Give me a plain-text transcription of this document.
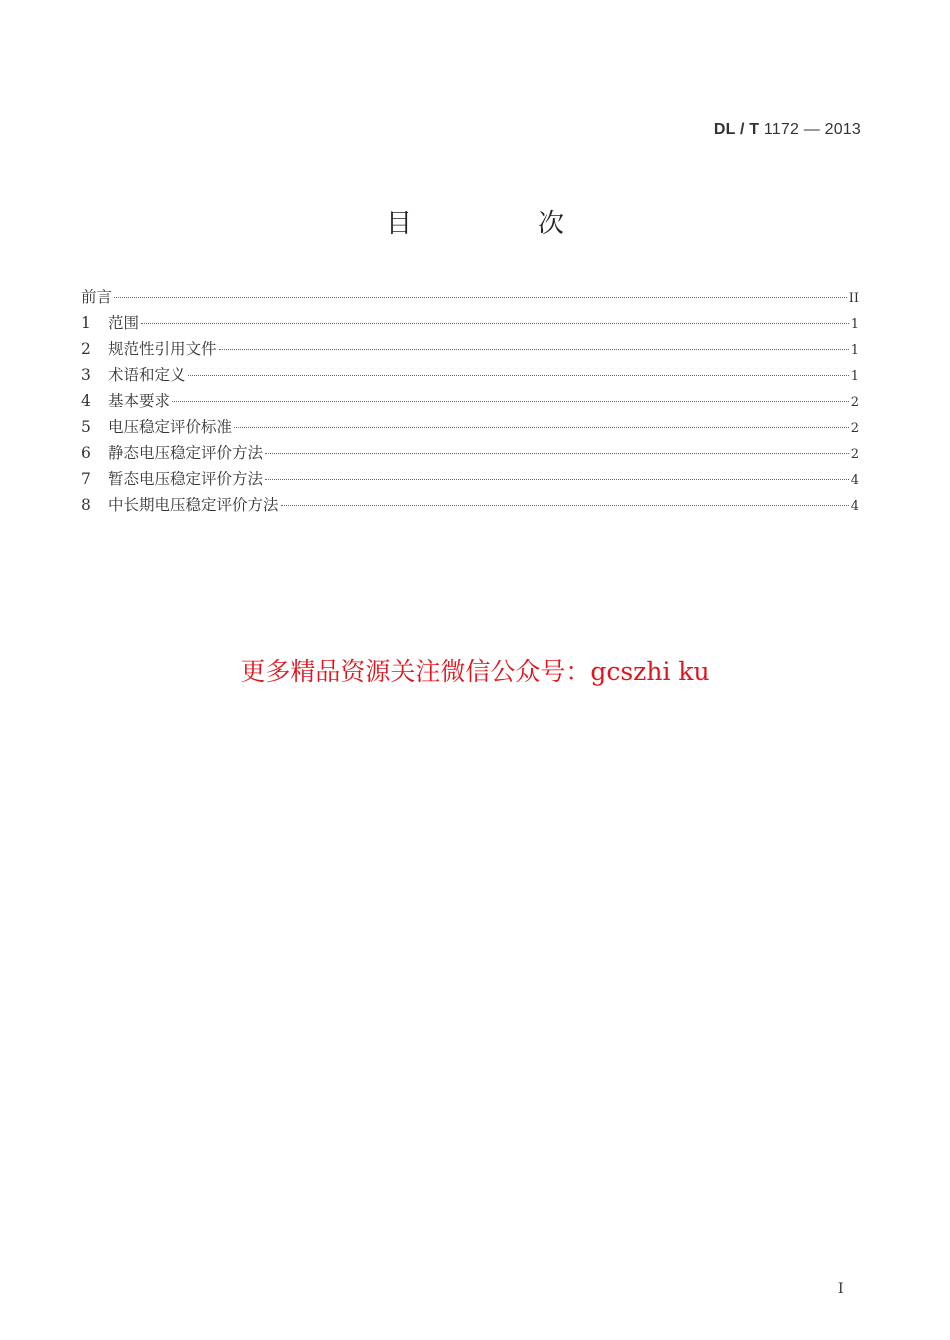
DL / T 1172 — 2013
目　次
前言	II
1	范围	1
2	规范性引用文件	1
3	术语和定义	1
4	基本要求	2
5	电压稳定评价标准	2
6	静态电压稳定评价方法	2
7	暂态电压稳定评价方法	4
8	中长期电压稳定评价方法	4
更多精品资源关注微信公众号：gcszhi ku
I
